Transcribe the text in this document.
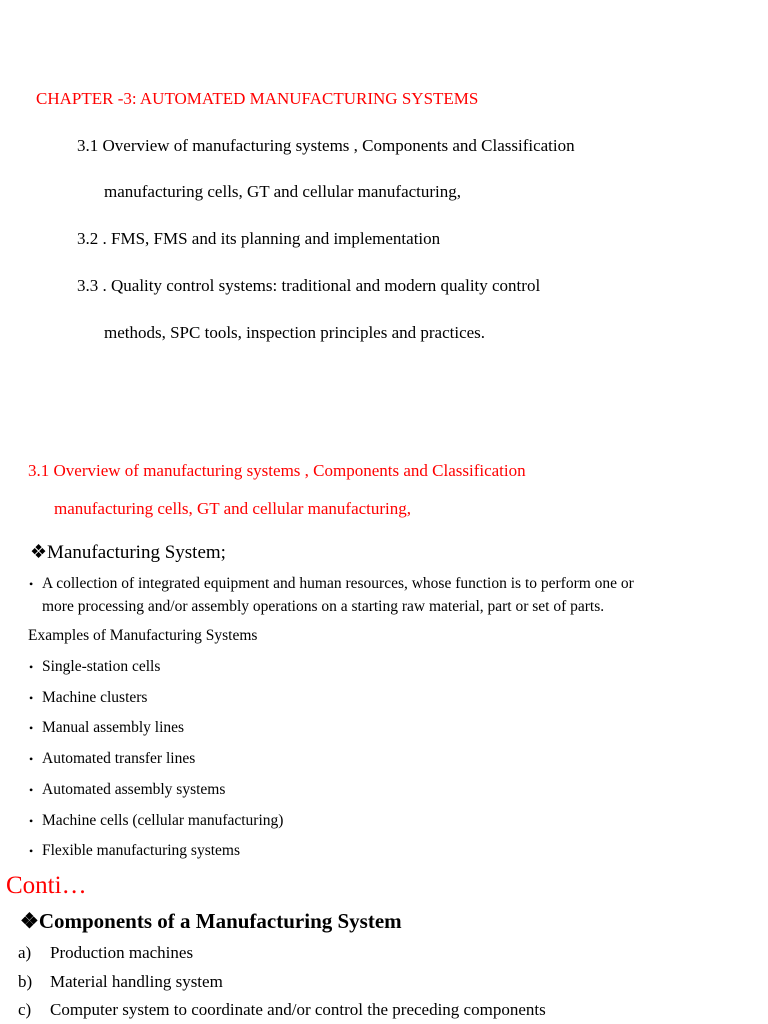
CHAPTER -3: AUTOMATED MANUFACTURING SYSTEMS
3.1 Overview of manufacturing systems , Components and Classification
manufacturing cells, GT and cellular manufacturing,
3.2 . FMS, FMS and its planning and implementation
3.3 . Quality control systems: traditional and modern quality control
methods, SPC tools, inspection principles and practices.
3.1 Overview of manufacturing systems , Components and Classification
manufacturing cells, GT and cellular manufacturing,
❖Manufacturing System;
• A collection of integrated equipment and human resources, whose function is to perform one or
more processing and/or assembly operations on a starting raw material, part or set of parts.
Examples of Manufacturing Systems
• Single-station cells
• Machine clusters
• Manual assembly lines
• Automated transfer lines
• Automated assembly systems
• Machine cells (cellular manufacturing)
• Flexible manufacturing systems
Conti…
❖Components of a Manufacturing System
a) Production machines
b) Material handling system
c) Computer system to coordinate and/or control the preceding components
